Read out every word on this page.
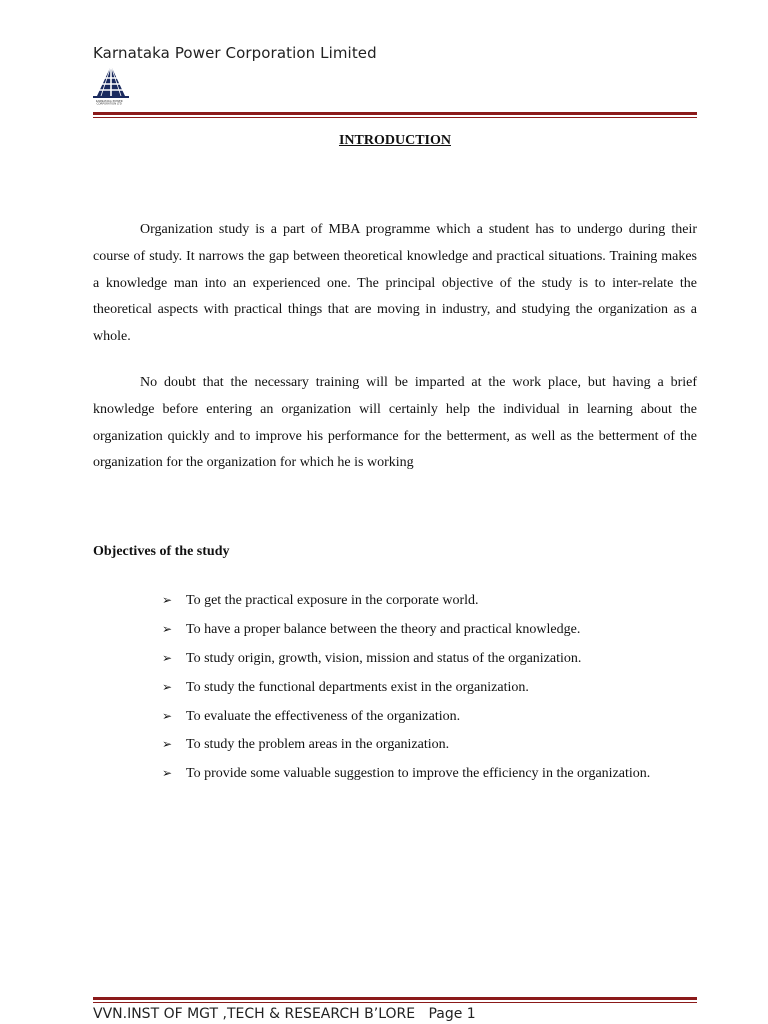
Karnataka Power Corporation Limited
KARNATAKA POWER CORPORATION LTD
INTRODUCTION

Organization study is a part of MBA programme which a student has to undergo during their course of study. It narrows the gap between theoretical knowledge and practical situations. Training makes a knowledge man into an experienced one. The principal objective of the study is to inter-relate the theoretical aspects with practical things that are moving in industry, and studying the organization as a whole.

No doubt that the necessary training will be imparted at the work place, but having a brief knowledge before entering an organization will certainly help the individual in learning about the organization quickly and to improve his performance for the betterment, as well as the betterment of the organization for the organization for which he is working

Objectives of the study
➢ To get the practical exposure in the corporate world.
➢ To have a proper balance between the theory and practical knowledge.
➢ To study origin, growth, vision, mission and status of the organization.
➢ To study the functional departments exist in the organization.
➢ To evaluate the effectiveness of the organization.
➢ To study the problem areas in the organization.
➢ To provide some valuable suggestion to improve the efficiency in the organization.
VVN.INST OF MGT ,TECH & RESEARCH B’LORE Page 1
